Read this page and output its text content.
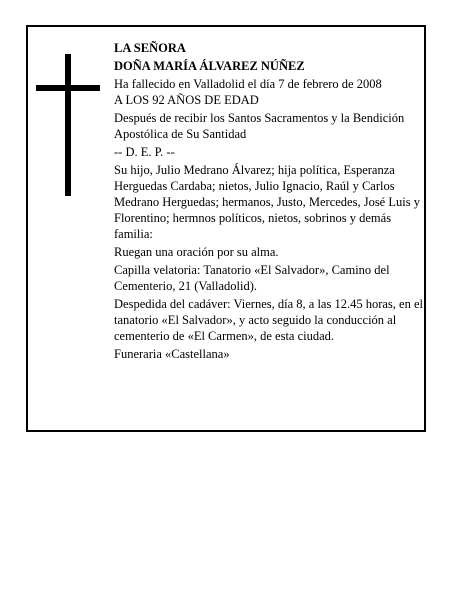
LA SEÑORA

DOÑA MARÍA ÁLVAREZ NÚÑEZ

Ha fallecido en Valladolid el día 7 de febrero de 2008

A LOS 92 AÑOS DE EDAD

Después de recibir los Santos Sacramentos y la Bendición Apostólica de Su Santidad

-- D. E. P. --

Su hijo, Julio Medrano Álvarez; hija política, Esperanza Herguedas Cardaba; nietos, Julio Ignacio, Raúl y Carlos Medrano Herguedas; hermanos, Justo, Mercedes, José Luis y Florentino; hermnos políticos, nietos, sobrinos y demás familia:

Ruegan una oración por su alma.

Capilla velatoria: Tanatorio «El Salvador», Camino del Cementerio, 21 (Valladolid).

Despedida del cadáver: Viernes, día 8, a las 12.45 horas, en el tanatorio «El Salvador», y acto seguido la conducción al cementerio de «El Carmen», de esta ciudad.

Funeraria «Castellana»
